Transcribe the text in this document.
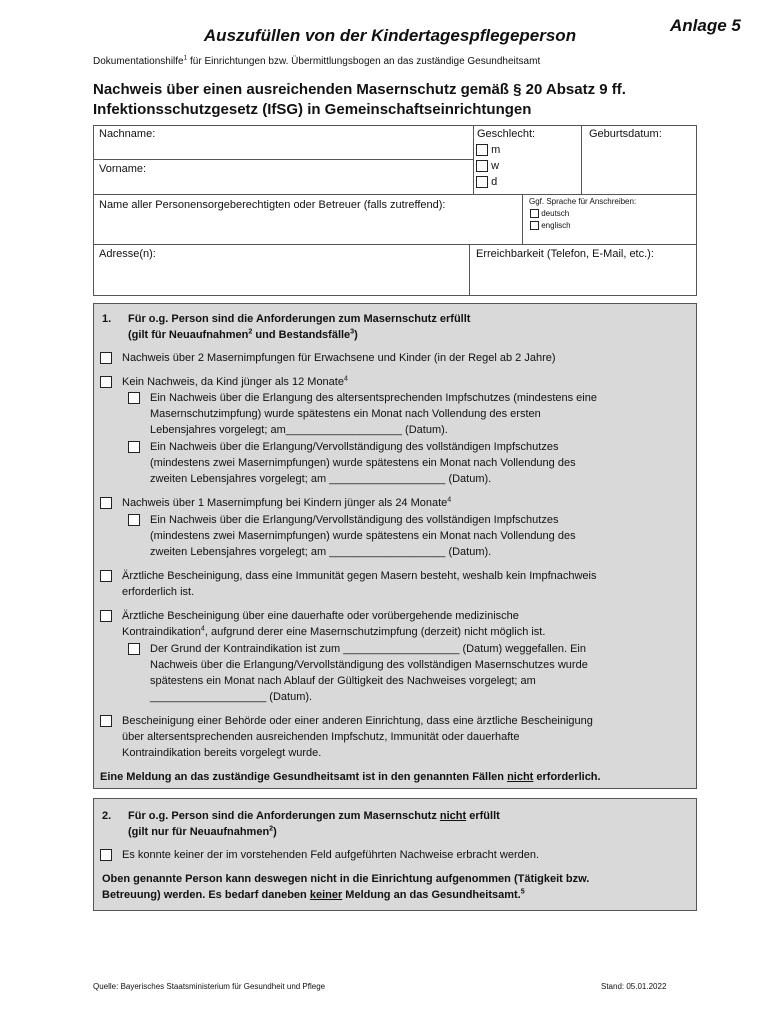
Anlage 5
Auszufüllen von der Kindertagespflegeperson
Dokumentationshilfe$^1$ für Einrichtungen bzw. Übermittlungsbogen an das zuständige Gesundheitsamt
Nachweis über einen ausreichenden Masernschutz gemäß § 20 Absatz 9 ff.
Infektionsschutzgesetz (IfSG) in Gemeinschaftseinrichtungen
Nachname:
Vorname:
Geschlecht:
m
w
d
Geburtsdatum:
Name aller Personensorgeberechtigten oder Betreuer (falls zutreffend):	Ggf. Sprache für Anschreiben:
deutsch
englisch
Adresse(n):	Erreichbarkeit (Telefon, E-Mail, etc.):
1. Für o.g. Person sind die Anforderungen zum Masernschutz erfüllt
(gilt für Neuaufnahmen$^2$ und Bestandsfälle$^3$)
Nachweis über 2 Masernimpfungen für Erwachsene und Kinder (in der Regel ab 2 Jahre)
Kein Nachweis, da Kind jünger als 12 Monate$^4$
Ein Nachweis über die Erlangung des altersentsprechenden Impfschutzes (mindestens eine
Masernschutzimpfung) wurde spätestens ein Monat nach Vollendung des ersten
Lebensjahres vorgelegt; am___________________ (Datum).
Ein Nachweis über die Erlangung/Vervollständigung des vollständigen Impfschutzes
(mindestens zwei Masernimpfungen) wurde spätestens ein Monat nach Vollendung des
zweiten Lebensjahres vorgelegt; am ___________________ (Datum).
Nachweis über 1 Masernimpfung bei Kindern jünger als 24 Monate$^4$
Ein Nachweis über die Erlangung/Vervollständigung des vollständigen Impfschutzes
(mindestens zwei Masernimpfungen) wurde spätestens ein Monat nach Vollendung des
zweiten Lebensjahres vorgelegt; am ___________________ (Datum).
Ärztliche Bescheinigung, dass eine Immunität gegen Masern besteht, weshalb kein Impfnachweis
erforderlich ist.
Ärztliche Bescheinigung über eine dauerhafte oder vorübergehende medizinische
Kontraindikation$^4$, aufgrund derer eine Masernschutzimpfung (derzeit) nicht möglich ist.
Der Grund der Kontraindikation ist zum ___________________ (Datum) weggefallen. Ein
Nachweis über die Erlangung/Vervollständigung des vollständigen Masernschutzes wurde
spätestens ein Monat nach Ablauf der Gültigkeit des Nachweises vorgelegt; am
___________________ (Datum).
Bescheinigung einer Behörde oder einer anderen Einrichtung, dass eine ärztliche Bescheinigung
über altersentsprechenden ausreichenden Impfschutz, Immunität oder dauerhafte
Kontraindikation bereits vorgelegt wurde.
Eine Meldung an das zuständige Gesundheitsamt ist in den genannten Fällen nicht erforderlich.
2. Für o.g. Person sind die Anforderungen zum Masernschutz nicht erfüllt
(gilt nur für Neuaufnahmen$^2$)
Es konnte keiner der im vorstehenden Feld aufgeführten Nachweise erbracht werden.
Oben genannte Person kann deswegen nicht in die Einrichtung aufgenommen (Tätigkeit bzw.
Betreuung) werden. Es bedarf daneben keiner Meldung an das Gesundheitsamt.$^5$
Quelle: Bayerisches Staatsministerium für Gesundheit und Pflege	Stand: 05.01.2022
